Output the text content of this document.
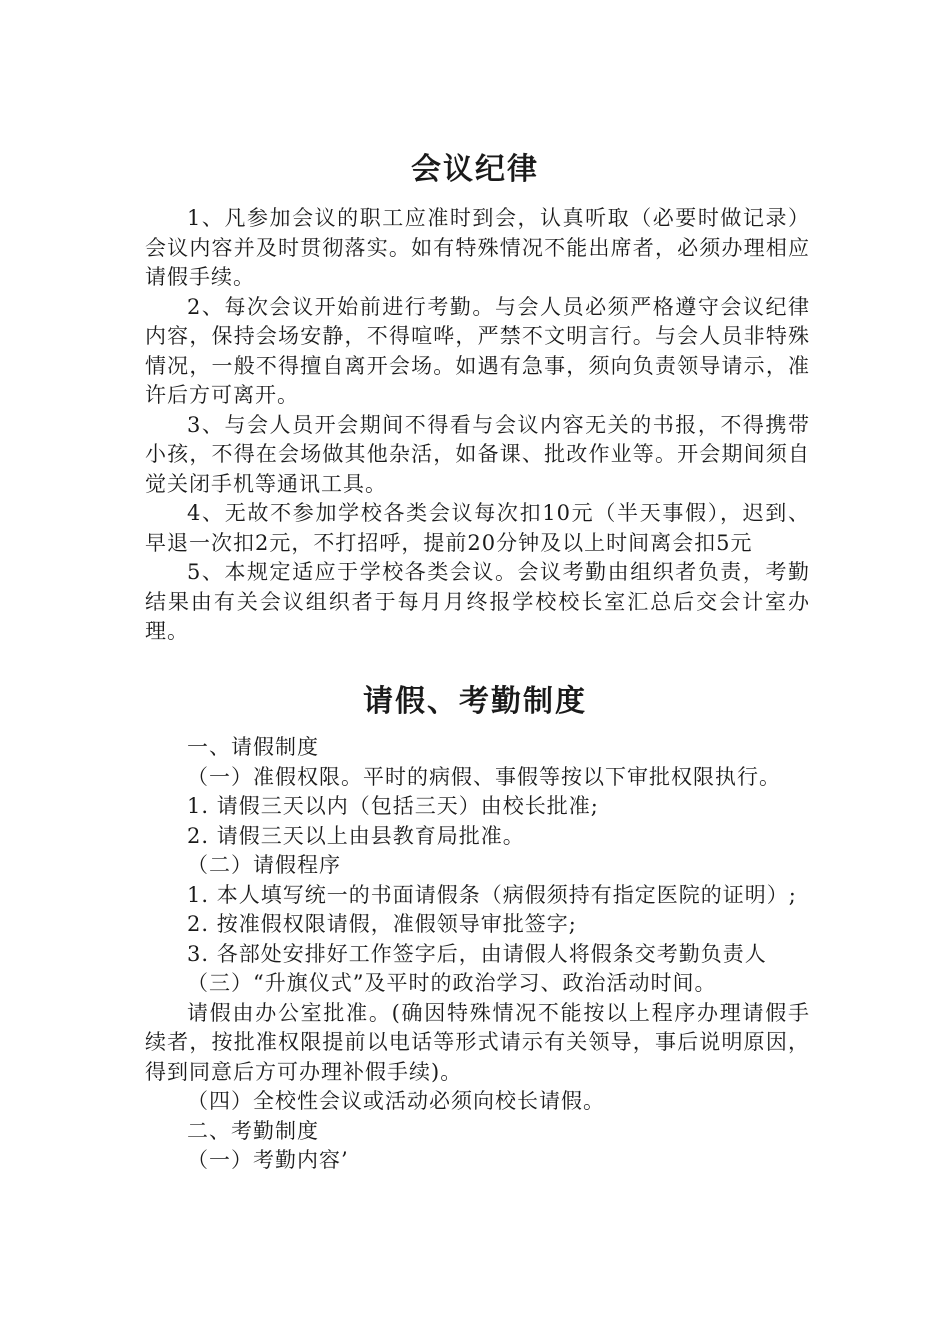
会议纪律

1、凡参加会议的职工应准时到会，认真听取（必要时做记录）会议内容并及时贯彻落实。如有特殊情况不能出席者，必须办理相应请假手续。

2、每次会议开始前进行考勤。与会人员必须严格遵守会议纪律内容，保持会场安静，不得喧哗，严禁不文明言行。与会人员非特殊情况，一般不得擅自离开会场。如遇有急事，须向负责领导请示，准许后方可离开。

3、与会人员开会期间不得看与会议内容无关的书报，不得携带小孩，不得在会场做其他杂活，如备课、批改作业等。开会期间须自觉关闭手机等通讯工具。

4、无故不参加学校各类会议每次扣10元（半天事假），迟到、早退一次扣2元，不打招呼，提前20分钟及以上时间离会扣5元

5、本规定适应于学校各类会议。会议考勤由组织者负责，考勤结果由有关会议组织者于每月月终报学校校长室汇总后交会计室办理。

请假、考勤制度

一、请假制度

（一）准假权限。平时的病假、事假等按以下审批权限执行。

1. 请假三天以内（包括三天）由校长批准;

2. 请假三天以上由县教育局批准。

（二）请假程序

1. 本人填写统一的书面请假条（病假须持有指定医院的证明）;

2. 按准假权限请假，准假领导审批签字;

3. 各部处安排好工作签字后，由请假人将假条交考勤负责人

（三）“升旗仪式”及平时的政治学习、政治活动时间。

请假由办公室批准。(确因特殊情况不能按以上程序办理请假手续者，按批准权限提前以电话等形式请示有关领导，事后说明原因，得到同意后方可办理补假手续)。

（四）全校性会议或活动必须向校长请假。

二、考勤制度

（一）考勤内容’
